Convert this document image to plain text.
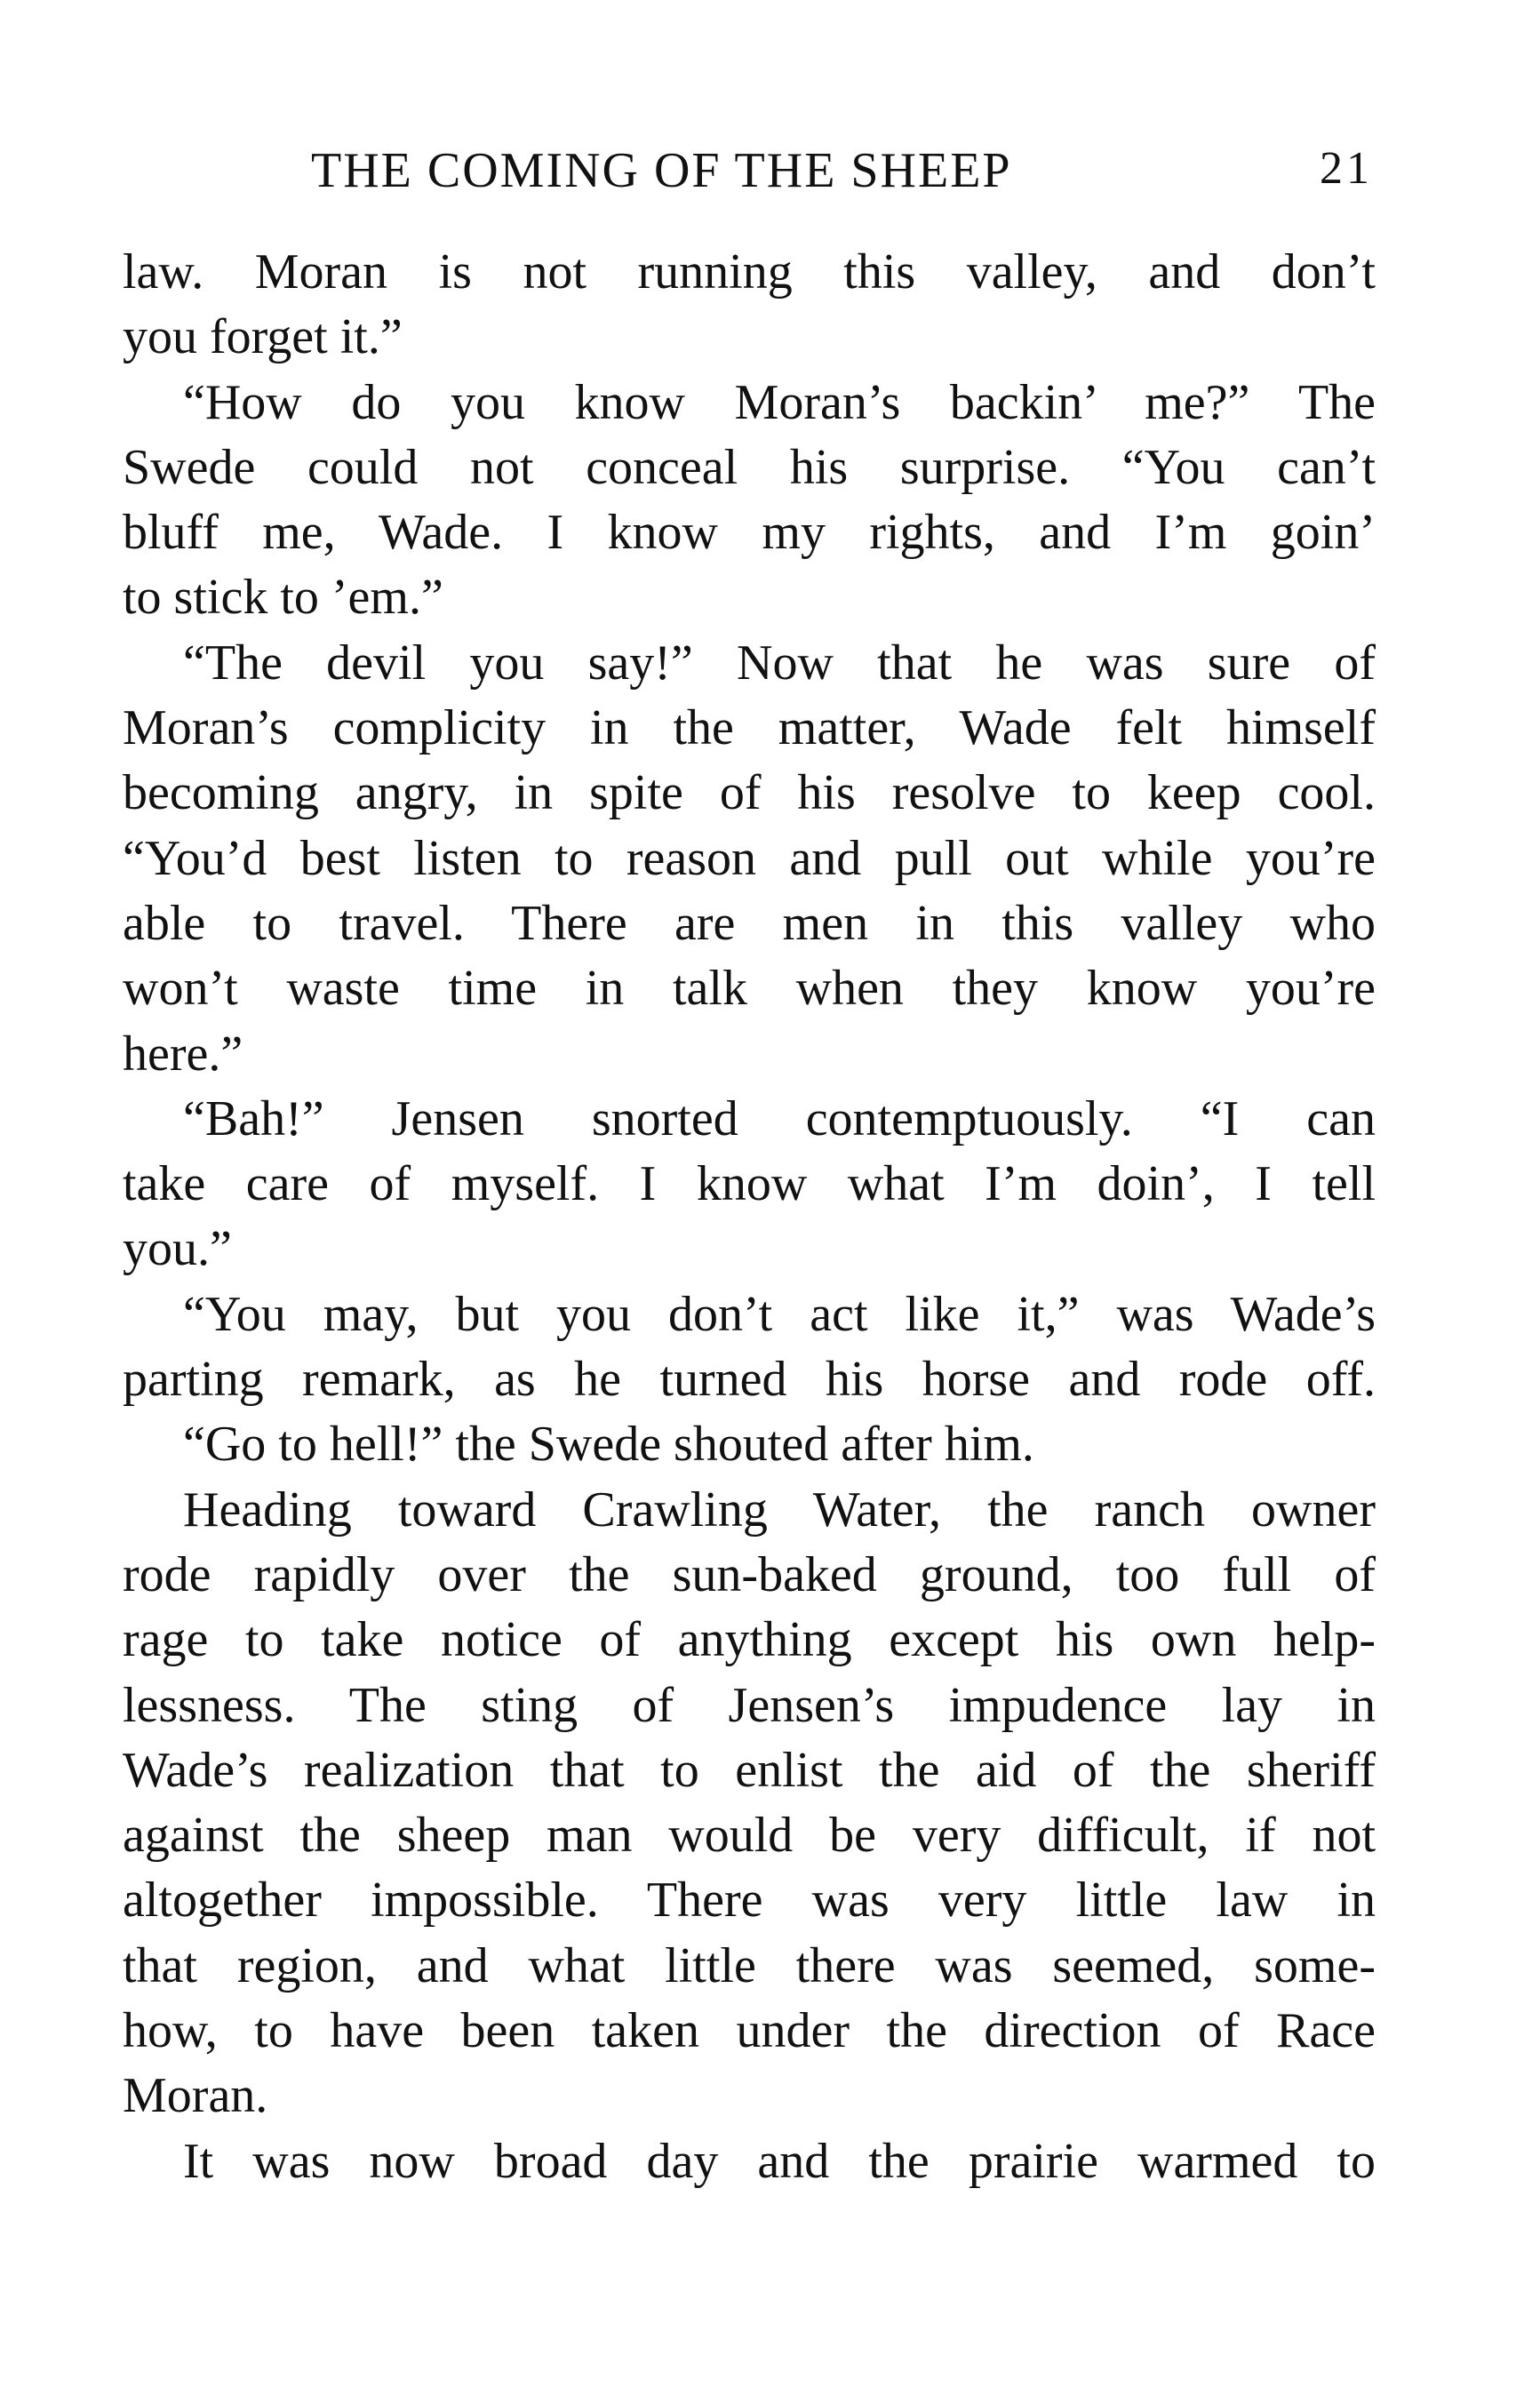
THE COMING OF THE SHEEP	21
law. Moran is not running this valley, and don’t
you forget it.”
“How do you know Moran’s backin’ me?” The
Swede could not conceal his surprise. “You can’t
bluff me, Wade. I know my rights, and I’m goin’
to stick to ’em.”
“The devil you say!” Now that he was sure of
Moran’s complicity in the matter, Wade felt himself
becoming angry, in spite of his resolve to keep cool.
“You’d best listen to reason and pull out while you’re
able to travel. There are men in this valley who
won’t waste time in talk when they know you’re
here.”
“Bah!” Jensen snorted contemptuously. “I can
take care of myself. I know what I’m doin’, I tell
you.”
“You may, but you don’t act like it,” was Wade’s
parting remark, as he turned his horse and rode off.
“Go to hell!” the Swede shouted after him.
Heading toward Crawling Water, the ranch owner
rode rapidly over the sun-baked ground, too full of
rage to take notice of anything except his own help-
lessness. The sting of Jensen’s impudence lay in
Wade’s realization that to enlist the aid of the sheriff
against the sheep man would be very difficult, if not
altogether impossible. There was very little law in
that region, and what little there was seemed, some-
how, to have been taken under the direction of Race
Moran.
It was now broad day and the prairie warmed to
